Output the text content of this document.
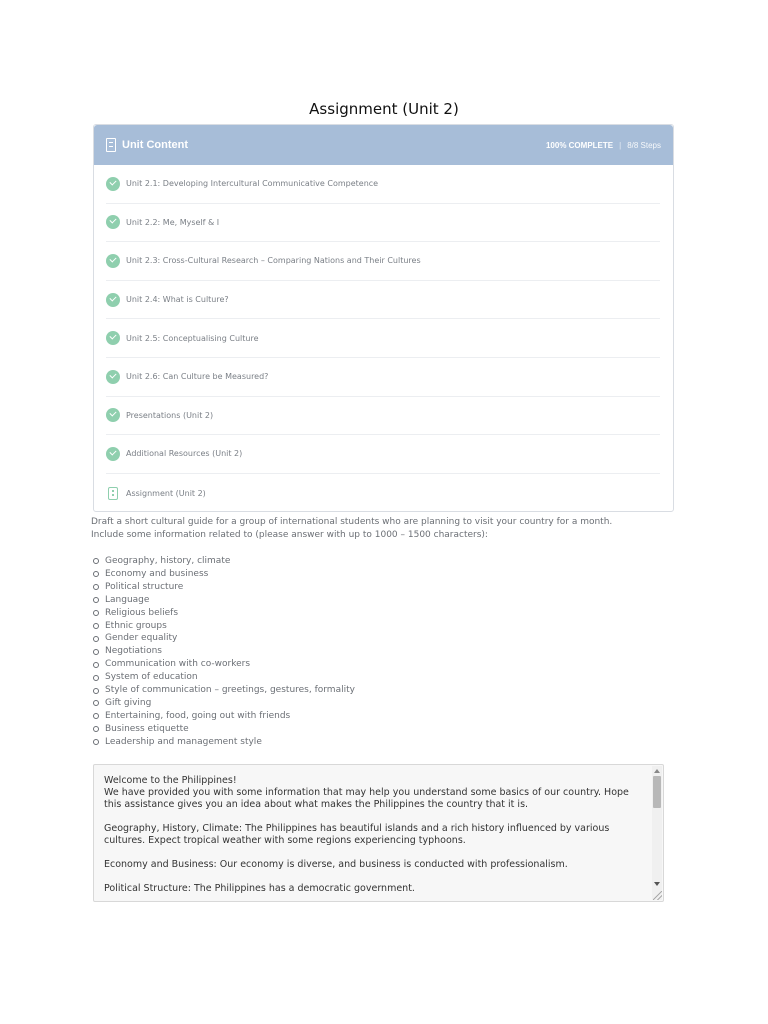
Assignment (Unit 2)
Unit Content	100% COMPLETE | 8/8 Steps
Unit 2.1: Developing Intercultural Communicative Competence
Unit 2.2: Me, Myself & I
Unit 2.3: Cross-Cultural Research – Comparing Nations and Their Cultures
Unit 2.4: What is Culture?
Unit 2.5: Conceptualising Culture
Unit 2.6: Can Culture be Measured?
Presentations (Unit 2)
Additional Resources (Unit 2)
Assignment (Unit 2)

Draft a short cultural guide for a group of international students who are planning to visit your country for a month.

Include some information related to (please answer with up to 1000 – 1500 characters):

Geography, history, climate
Economy and business
Political structure
Language
Religious beliefs
Ethnic groups
Gender equality
Negotiations
Communication with co-workers
System of education
Style of communication – greetings, gestures, formality
Gift giving
Entertaining, food, going out with friends
Business etiquette
Leadership and management style

Welcome to the Philippines!
We have provided you with some information that may help you understand some basics of our country. Hope this assistance gives you an idea about what makes the Philippines the country that it is.

Geography, History, Climate: The Philippines has beautiful islands and a rich history influenced by various cultures. Expect tropical weather with some regions experiencing typhoons.

Economy and Business: Our economy is diverse, and business is conducted with professionalism.

Political Structure: The Philippines has a democratic government.
